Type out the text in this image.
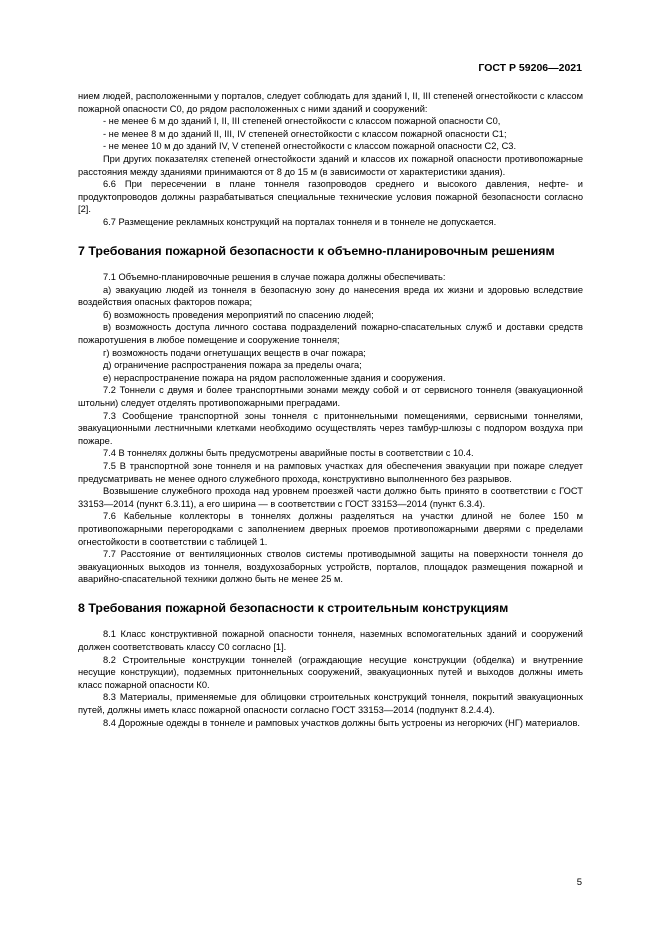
ГОСТ Р 59206—2021

нием людей, расположенными у порталов, следует соблюдать для зданий I, II, III степеней огнестойкости с классом пожарной опасности С0, до рядом расположенных с ними зданий и сооружений:

- не менее 6 м до зданий I, II, III степеней огнестойкости с классом пожарной опасности С0,

- не менее 8 м до зданий II, III, IV степеней огнестойкости с классом пожарной опасности С1;

- не менее 10 м до зданий IV, V степеней огнестойкости с классом пожарной опасности С2, С3.

При других показателях степеней огнестойкости зданий и классов их пожарной опасности противопожарные расстояния между зданиями принимаются от 8 до 15 м (в зависимости от характеристики здания).

6.6 При пересечении в плане тоннеля газопроводов среднего и высокого давления, нефте- и продуктопроводов должны разрабатываться специальные технические условия пожарной безопасности согласно [2].

6.7 Размещение рекламных конструкций на порталах тоннеля и в тоннеле не допускается.

7 Требования пожарной безопасности к объемно-планировочным решениям

7.1 Объемно-планировочные решения в случае пожара должны обеспечивать:

а) эвакуацию людей из тоннеля в безопасную зону до нанесения вреда их жизни и здоровью вследствие воздействия опасных факторов пожара;

б) возможность проведения мероприятий по спасению людей;

в) возможность доступа личного состава подразделений пожарно-спасательных служб и доставки средств пожаротушения в любое помещение и сооружение тоннеля;

г) возможность подачи огнетушащих веществ в очаг пожара;

д) ограничение распространения пожара за пределы очага;

е) нераспространение пожара на рядом расположенные здания и сооружения.

7.2 Тоннели с двумя и более транспортными зонами между собой и от сервисного тоннеля (эвакуационной штольни) следует отделять противопожарными преградами.

7.3 Сообщение транспортной зоны тоннеля с притоннельными помещениями, сервисными тоннелями, эвакуационными лестничными клетками необходимо осуществлять через тамбур-шлюзы с подпором воздуха при пожаре.

7.4 В тоннелях должны быть предусмотрены аварийные посты в соответствии с 10.4.

7.5 В транспортной зоне тоннеля и на рамповых участках для обеспечения эвакуации при пожаре следует предусматривать не менее одного служебного прохода, конструктивно выполненного без разрывов.

Возвышение служебного прохода над уровнем проезжей части должно быть принято в соответствии с ГОСТ 33153—2014 (пункт 6.3.11), а его ширина — в соответствии с ГОСТ 33153—2014 (пункт 6.3.4).

7.6 Кабельные коллекторы в тоннелях должны разделяться на участки длиной не более 150 м противопожарными перегородками с заполнением дверных проемов противопожарными дверями с пределами огнестойкости в соответствии с таблицей 1.

7.7 Расстояние от вентиляционных стволов системы противодымной защиты на поверхности тоннеля до эвакуационных выходов из тоннеля, воздухозаборных устройств, порталов, площадок размещения пожарной и аварийно-спасательной техники должно быть не менее 25 м.

8 Требования пожарной безопасности к строительным конструкциям

8.1 Класс конструктивной пожарной опасности тоннеля, наземных вспомогательных зданий и сооружений должен соответствовать классу С0 согласно [1].

8.2 Строительные конструкции тоннелей (ограждающие несущие конструкции (обделка) и внутренние несущие конструкции), подземных притоннельных сооружений, эвакуационных путей и выходов должны иметь класс пожарной опасности К0.

8.3 Материалы, применяемые для облицовки строительных конструкций тоннеля, покрытий эвакуационных путей, должны иметь класс пожарной опасности согласно ГОСТ 33153—2014 (подпункт 8.2.4.4).

8.4 Дорожные одежды в тоннеле и рамповых участков должны быть устроены из негорючих (НГ) материалов.

5
